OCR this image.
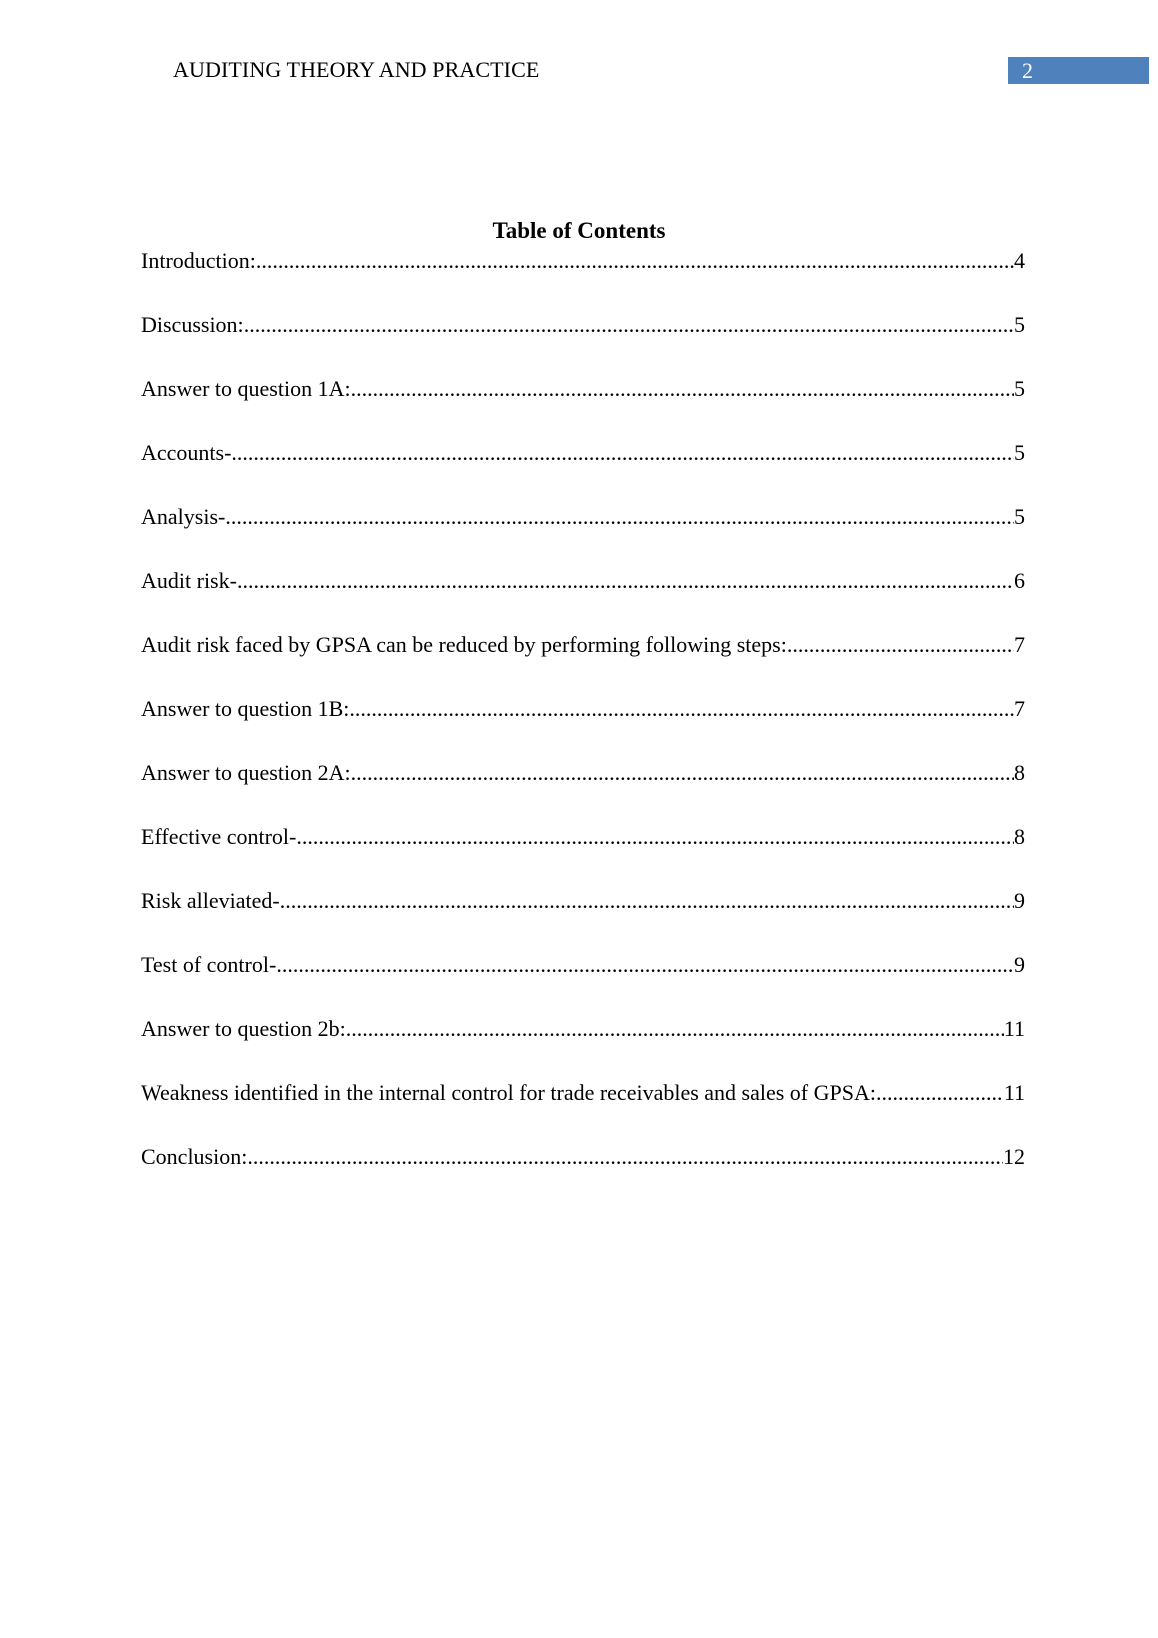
AUDITING THEORY AND PRACTICE	2
Table of Contents
Introduction: .....	4
Discussion: .....	5
Answer to question 1A: .....	5
Accounts- .....	5
Analysis- .....	5
Audit risk- .....	6
Audit risk faced by GPSA can be reduced by performing following steps: .....	7
Answer to question 1B: .....	7
Answer to question 2A: .....	8
Effective control- .....	8
Risk alleviated- .....	9
Test of control- .....	9
Answer to question 2b: .....	11
Weakness identified in the internal control for trade receivables and sales of GPSA: .....	11
Conclusion: .....	12
